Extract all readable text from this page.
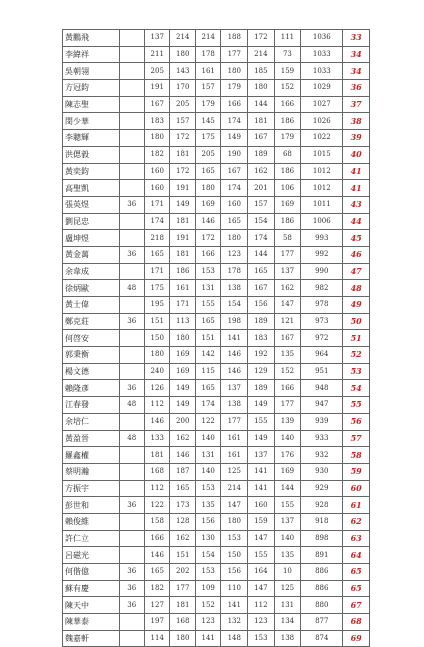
黃鵬飛		137	214	214	188	172	111	1036	33
李緯祥		211	180	178	177	214	73	1033	34
吳朝翎		205	143	161	180	185	159	1033	34
方冠鈞		191	170	157	179	180	152	1029	36
陳志聖		167	205	179	166	144	166	1027	37
閔少華		183	157	145	174	181	186	1026	38
李聰輝		180	172	175	149	167	179	1022	39
洪偲毅		182	181	205	190	189	68	1015	40
黃奕鈞		160	172	165	167	162	186	1012	41
高聖凱		160	191	180	174	201	106	1012	41
張英煜	36	171	149	169	160	157	169	1011	43
劉昆忠		174	181	146	165	154	186	1006	44
盧坤煜		218	191	172	180	174	58	993	45
黃金萬	36	165	181	166	123	144	177	992	46
余韋成		171	186	153	178	165	137	990	47
徐炳歐	48	175	161	131	138	167	162	982	48
黃士偉		195	171	155	154	156	147	978	49
鄭克莊	36	151	113	165	198	189	121	973	50
何啓安		150	180	151	141	183	167	972	51
郭秉衡		180	169	142	146	192	135	964	52
楊文德		240	169	115	146	129	152	951	53
賴隆彥	36	126	149	165	137	189	166	948	54
江春發	48	112	149	174	138	149	177	947	55
余培仁		146	200	122	177	155	139	939	56
黃盈晉	48	133	162	140	161	149	140	933	57
羅鑫權		181	146	131	161	137	176	932	58
蔡明瀚		168	187	140	125	141	169	930	59
方振宇		112	165	153	214	141	144	929	60
彭世和	36	122	173	135	147	160	155	928	61
賴俊維		158	128	156	180	159	137	918	62
許仁立		166	162	130	153	147	140	898	63
呂磁光		146	151	154	150	155	135	891	64
何偕億	36	165	202	153	156	164	10	886	65
蘇有慶	36	182	177	109	110	147	125	886	65
陳天中	36	127	181	152	141	112	131	880	67
陳華泰		197	168	123	132	123	134	877	68
魏嘉軒		114	180	141	148	153	138	874	69
